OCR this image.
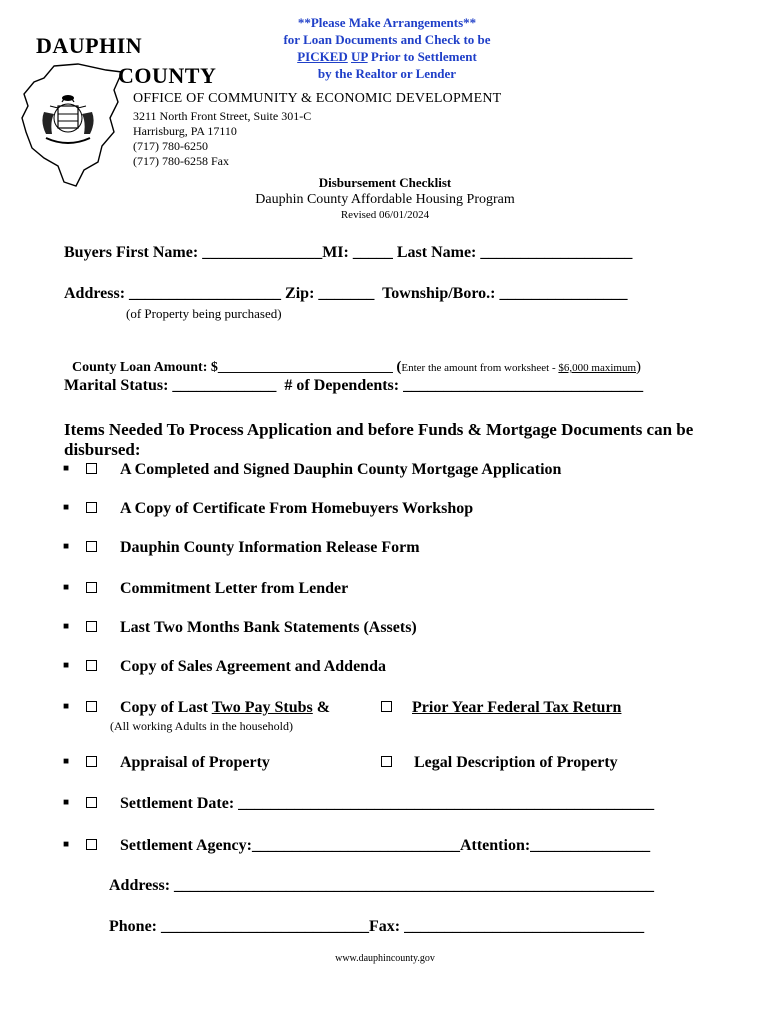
DAUPHIN
COUNTY
**Please Make Arrangements**
for Loan Documents and Check to be
PICKED UP Prior to Settlement
by the Realtor or Lender
OFFICE OF COMMUNITY & ECONOMIC DEVELOPMENT
3211 North Front Street, Suite 301-C
Harrisburg, PA 17110
(717) 780-6250
(717) 780-6258 Fax
Disbursement Checklist
Dauphin County Affordable Housing Program
Revised 06/01/2024
Buyers First Name: _______________MI: _____ Last Name: ___________________
Address: ___________________ Zip: _______  Township/Boro.: ________________
(of Property being purchased)

County Loan Amount: $_________________________ (Enter the amount from worksheet - $6,000 maximum)

Marital Status: _____________  # of Dependents: ______________________________
Items Needed To Process Application and before Funds & Mortgage Documents can be disbursed:
■	A Completed and Signed Dauphin County Mortgage Application
■	A Copy of Certificate From Homebuyers Workshop
■	Dauphin County Information Release Form
■	Commitment Letter from Lender
■	Last Two Months Bank Statements (Assets)
■	Copy of Sales Agreement and Addenda
■	Copy of Last Two Pay Stubs &	Prior Year Federal Tax Return
(All working Adults in the household)
■	Appraisal of Property	Legal Description of Property
■	Settlement Date: ____________________________________________________
■	Settlement Agency:__________________________Attention:_______________
Address: ____________________________________________________________
Phone: __________________________Fax: ______________________________
www.dauphincounty.gov
